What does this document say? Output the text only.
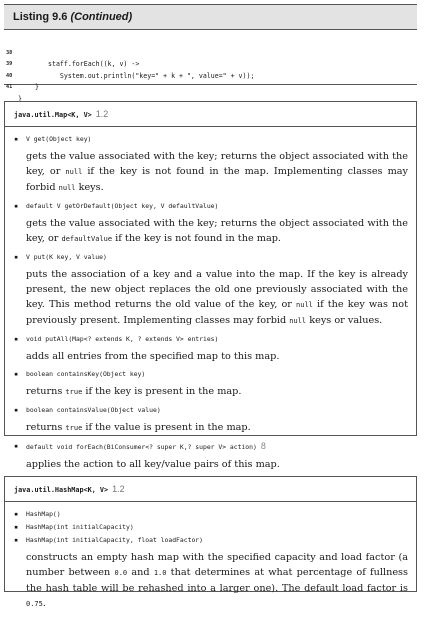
Listing 9.6 (Continued)

38

staff.forEach((k, v) ->

39

System.out.println("key=" + k + ", value=" + v));

40

}

41

}

java.util.Map<K, V> 1.2
▪ V get(Object key)
gets the value associated with the key; returns the object associated with the key, or null if the key is not found in the map. Implementing classes may forbid null keys.
▪ default V getOrDefault(Object key, V defaultValue)
gets the value associated with the key; returns the object associated with the key, or defaultValue if the key is not found in the map.
▪ V put(K key, V value)
puts the association of a key and a value into the map. If the key is already present, the new object replaces the old one previously associated with the key. This method returns the old value of the key, or null if the key was not previously present. Implementing classes may forbid null keys or values.
▪ void putAll(Map<? extends K, ? extends V> entries)
adds all entries from the specified map to this map.
▪ boolean containsKey(Object key)
returns true if the key is present in the map.
▪ boolean containsValue(Object value)
returns true if the value is present in the map.
▪ default void forEach(BiConsumer<? super K,? super V> action) 8
applies the action to all key/value pairs of this map.
java.util.HashMap<K, V> 1.2
▪ HashMap()
▪ HashMap(int initialCapacity)
▪ HashMap(int initialCapacity, float loadFactor)
constructs an empty hash map with the specified capacity and load factor (a number between 0.0 and 1.0 that determines at what percentage of fullness the hash table will be rehashed into a larger one). The default load factor is 0.75.
